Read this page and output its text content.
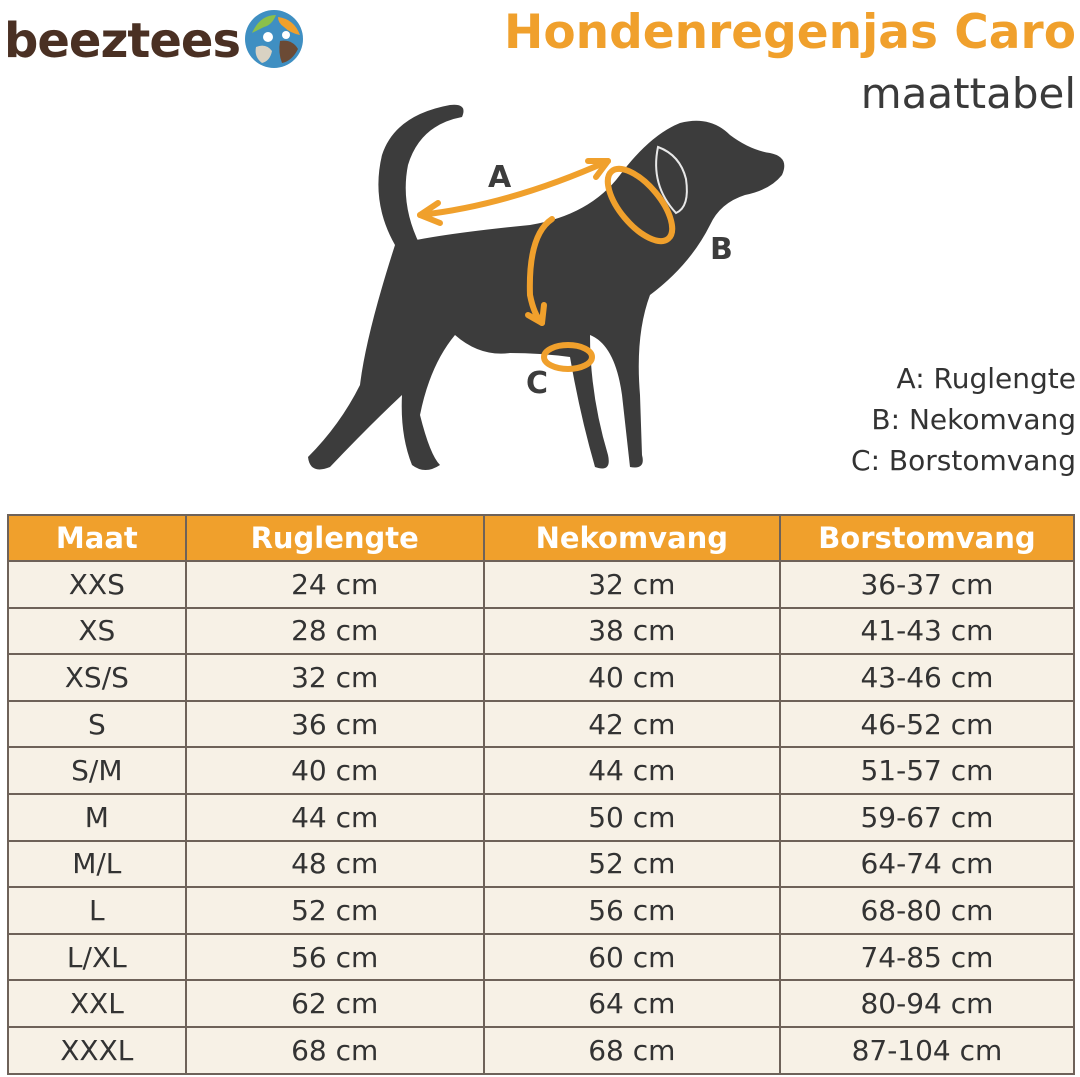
beeztees	Hondenregenjas Caro
maattabel
A
B
C	A: Ruglengte
B: Nekomvang
C: Borstomvang
Maat	Ruglengte	Nekomvang	Borstomvang
XXS	24 cm	32 cm	36-37 cm
XS	28 cm	38 cm	41-43 cm
XS/S	32 cm	40 cm	43-46 cm
S	36 cm	42 cm	46-52 cm
S/M	40 cm	44 cm	51-57 cm
M	44 cm	50 cm	59-67 cm
M/L	48 cm	52 cm	64-74 cm
L	52 cm	56 cm	68-80 cm
L/XL	56 cm	60 cm	74-85 cm
XXL	62 cm	64 cm	80-94 cm
XXXL	68 cm	68 cm	87-104 cm
